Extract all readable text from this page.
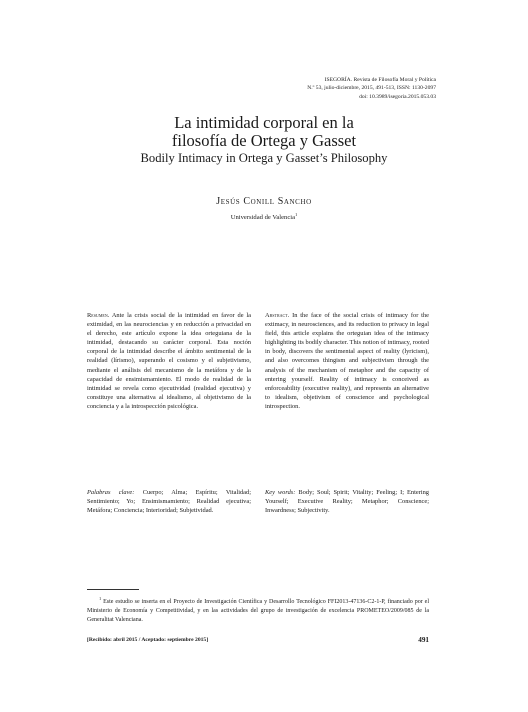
ISEGORÍA. Revista de Filosofía Moral y Política
N.º 53, julio-diciembre, 2015, 491-513, ISSN: 1130-2097
doi: 10.3989/isegoria.2015.053.03
La intimidad corporal en la filosofía de Ortega y Gasset
Bodily Intimacy in Ortega y Gasset’s Philosophy
Jesús Conill Sancho
Universidad de Valencia$^1$
Resumen. Ante la crisis social de la intimidad en favor de la extimidad, en las neurociencias y en reducción a privacidad en el derecho, este artículo expone la idea orteguiana de la intimidad, destacando su carácter corporal. Esta noción corporal de la intimidad describe el ámbito sentimental de la realidad (lírismo), superando el cosismo y el subjetivismo, mediante el análisis del mecanismo de la metáfora y de la capacidad de ensimismamiento. El modo de realidad de la intimidad se revela como ejecutividad (realidad ejecutiva) y constituye una alternativa al idealismo, al objetivismo de la conciencia y a la introspección psicológica.
Abstract. In the face of the social crisis of intimacy for the extimacy, in neurosciences, and its reduction to privacy in legal field, this article explains the orteguian idea of the intimacy highlighting its bodily character. This notion of intimacy, rooted in body, discovers the sentimental aspect of reality (lyricism), and also overcomes thingism and subjectivism through the analysis of the mechanism of metaphor and the capacity of entering yourself. Reality of intimacy is conceived as enforceability (executive reality), and represents an alternative to idealism, objetivism of conscience and psychological introspection.
Palabras clave: Cuerpo; Alma; Espíritu; Vitalidad; Sentimiento; Yo; Ensimismamiento; Realidad ejecutiva; Metáfora; Conciencia; Interioridad; Subjetividad.
Key words: Body; Soul; Spirit; Vitality; Feeling; I; Entering Yourself; Executive Reality; Metaphor; Conscience; Inwardness; Subjectivity.
$^1$ Este estudio se inserta en el Proyecto de Investigación Científica y Desarrollo Tecnológico FFI2013-47136-C2-1-P, financiado por el Ministerio de Economía y Competitividad, y en las actividades del grupo de investigación de excelencia PROMETEO/2009/085 de la Generalitat Valenciana.
[Recibido: abril 2015 / Aceptado: septiembre 2015]	491
